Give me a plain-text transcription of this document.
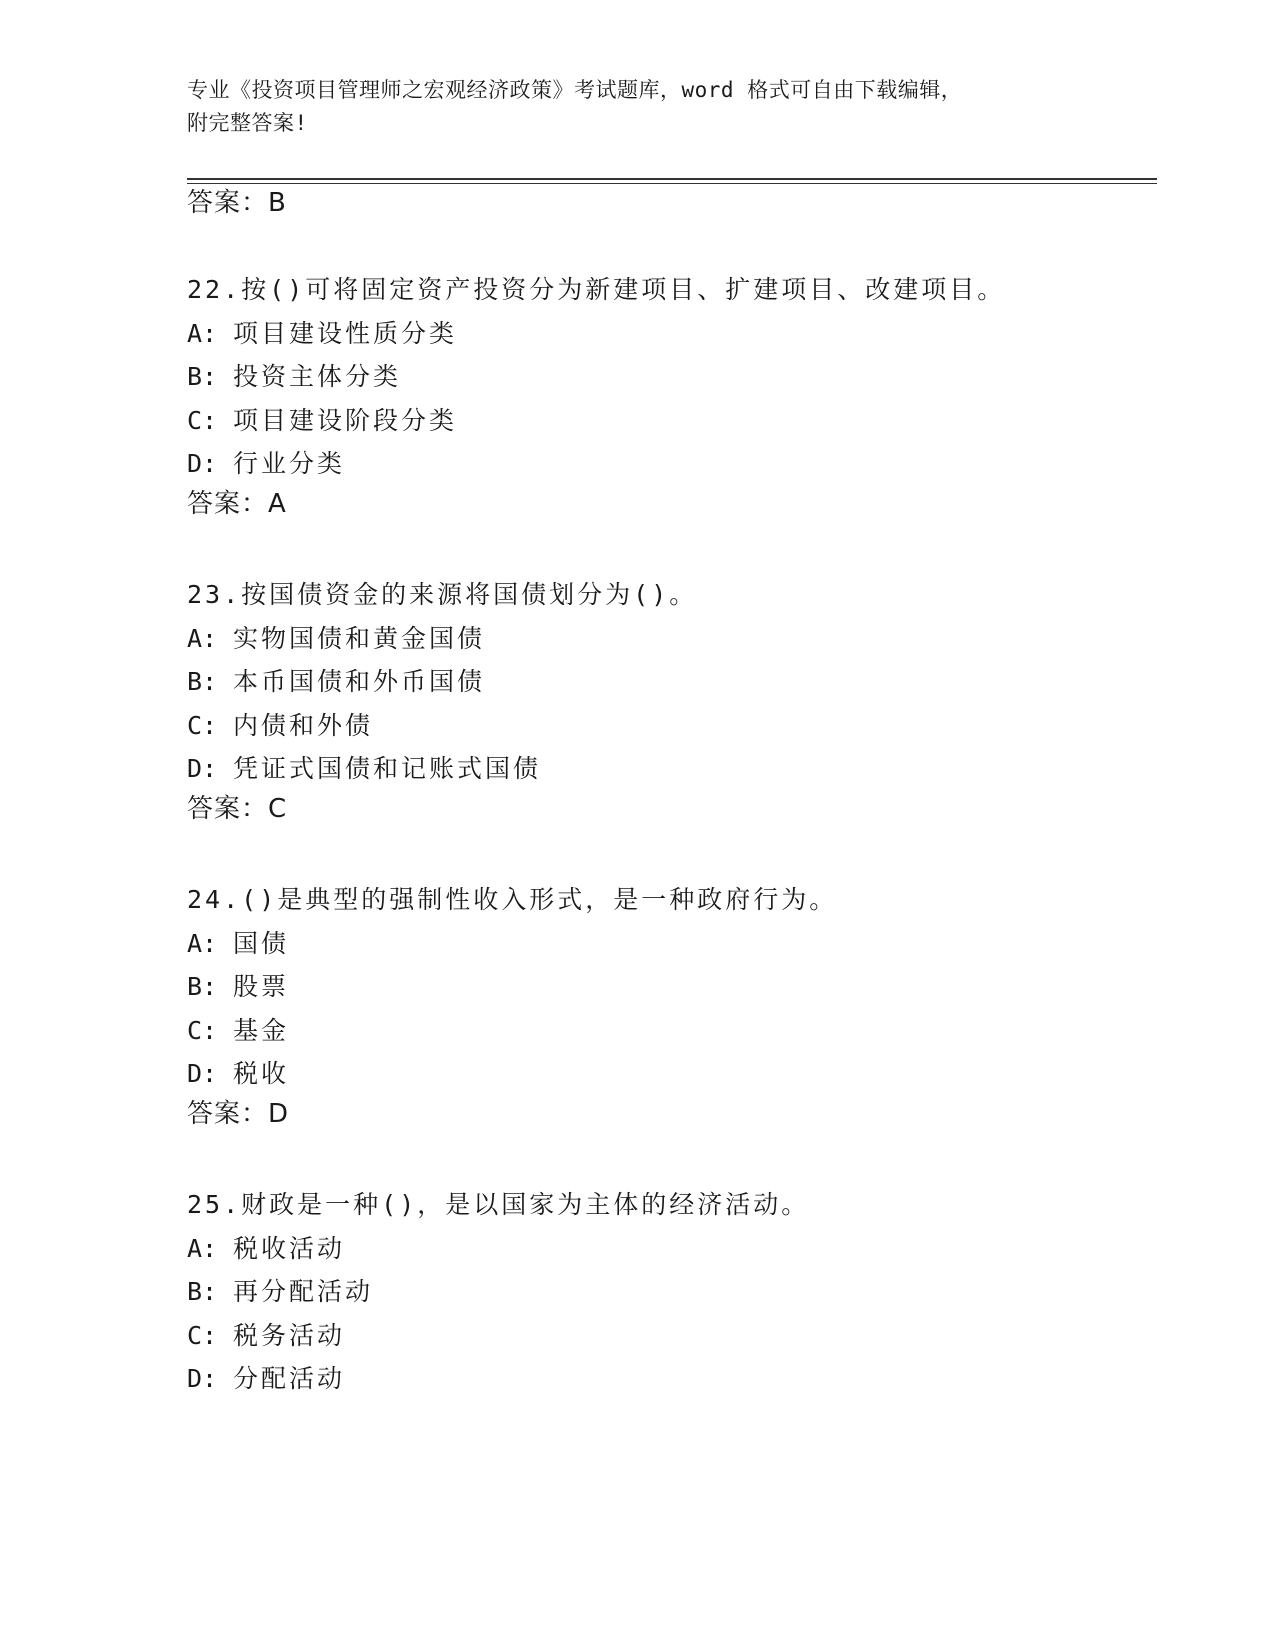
专业《投资项目管理师之宏观经济政策》考试题库，word 格式可自由下载编辑，
附完整答案!
答案：B
22.按()可将固定资产投资分为新建项目、扩建项目、改建项目。
A: 项目建设性质分类
B: 投资主体分类
C: 项目建设阶段分类
D: 行业分类
答案：A
23.按国债资金的来源将国债划分为()。
A: 实物国债和黄金国债
B: 本币国债和外币国债
C: 内债和外债
D: 凭证式国债和记账式国债
答案：C
24.()是典型的强制性收入形式，是一种政府行为。
A: 国债
B: 股票
C: 基金
D: 税收
答案：D
25.财政是一种()，是以国家为主体的经济活动。
A: 税收活动
B: 再分配活动
C: 税务活动
D: 分配活动
